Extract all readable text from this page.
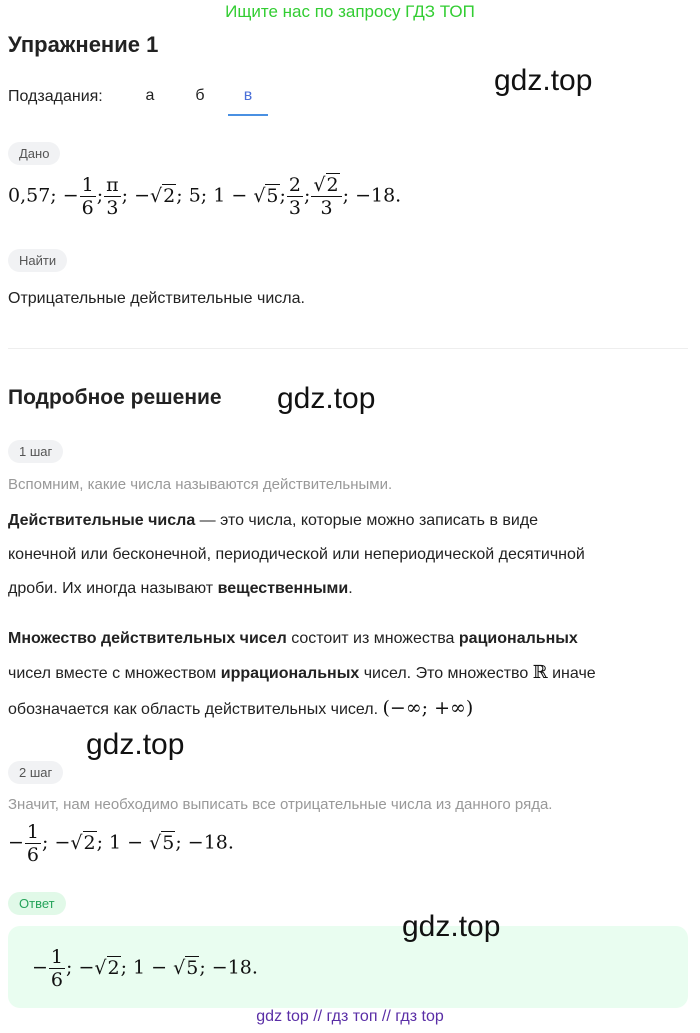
Ищите нас по запросу ГДЗ ТОП
Упражнение 1
Подзадания:	а	б	в	gdz.top
Дано
0,57; − $\frac{1}{6}$ ; $\frac{\pi}{3}$ ; −√2; 5; 1 − √5; $\frac{2}{3}$ ; $\frac{√2}{3}$ ; −18.
Найти
Отрицательные действительные числа.
Подробное решение gdz.top
1 шаг
Вспомним, какие числа называются действительными.
Действительные числа — это числа, которые можно записать в виде
конечной или бесконечной, периодической или непериодической десятичной
дроби. Их иногда называют вещественными.
Множество действительных чисел состоит из множества рациональных
чисел вместе с множеством иррациональных чисел. Это множество ℝ иначе
обозначается как область действительных чисел. (−∞; +∞)
gdz.top
2 шаг
Значит, нам необходимо выписать все отрицательные числа из данного ряда.
− $\frac{1}{6}$ ; −√2; 1 − √5; −18.
Ответ
gdz.top
− $\frac{1}{6}$ ; −√2; 1 − √5; −18.
gdz top // гдз топ // гдз top
